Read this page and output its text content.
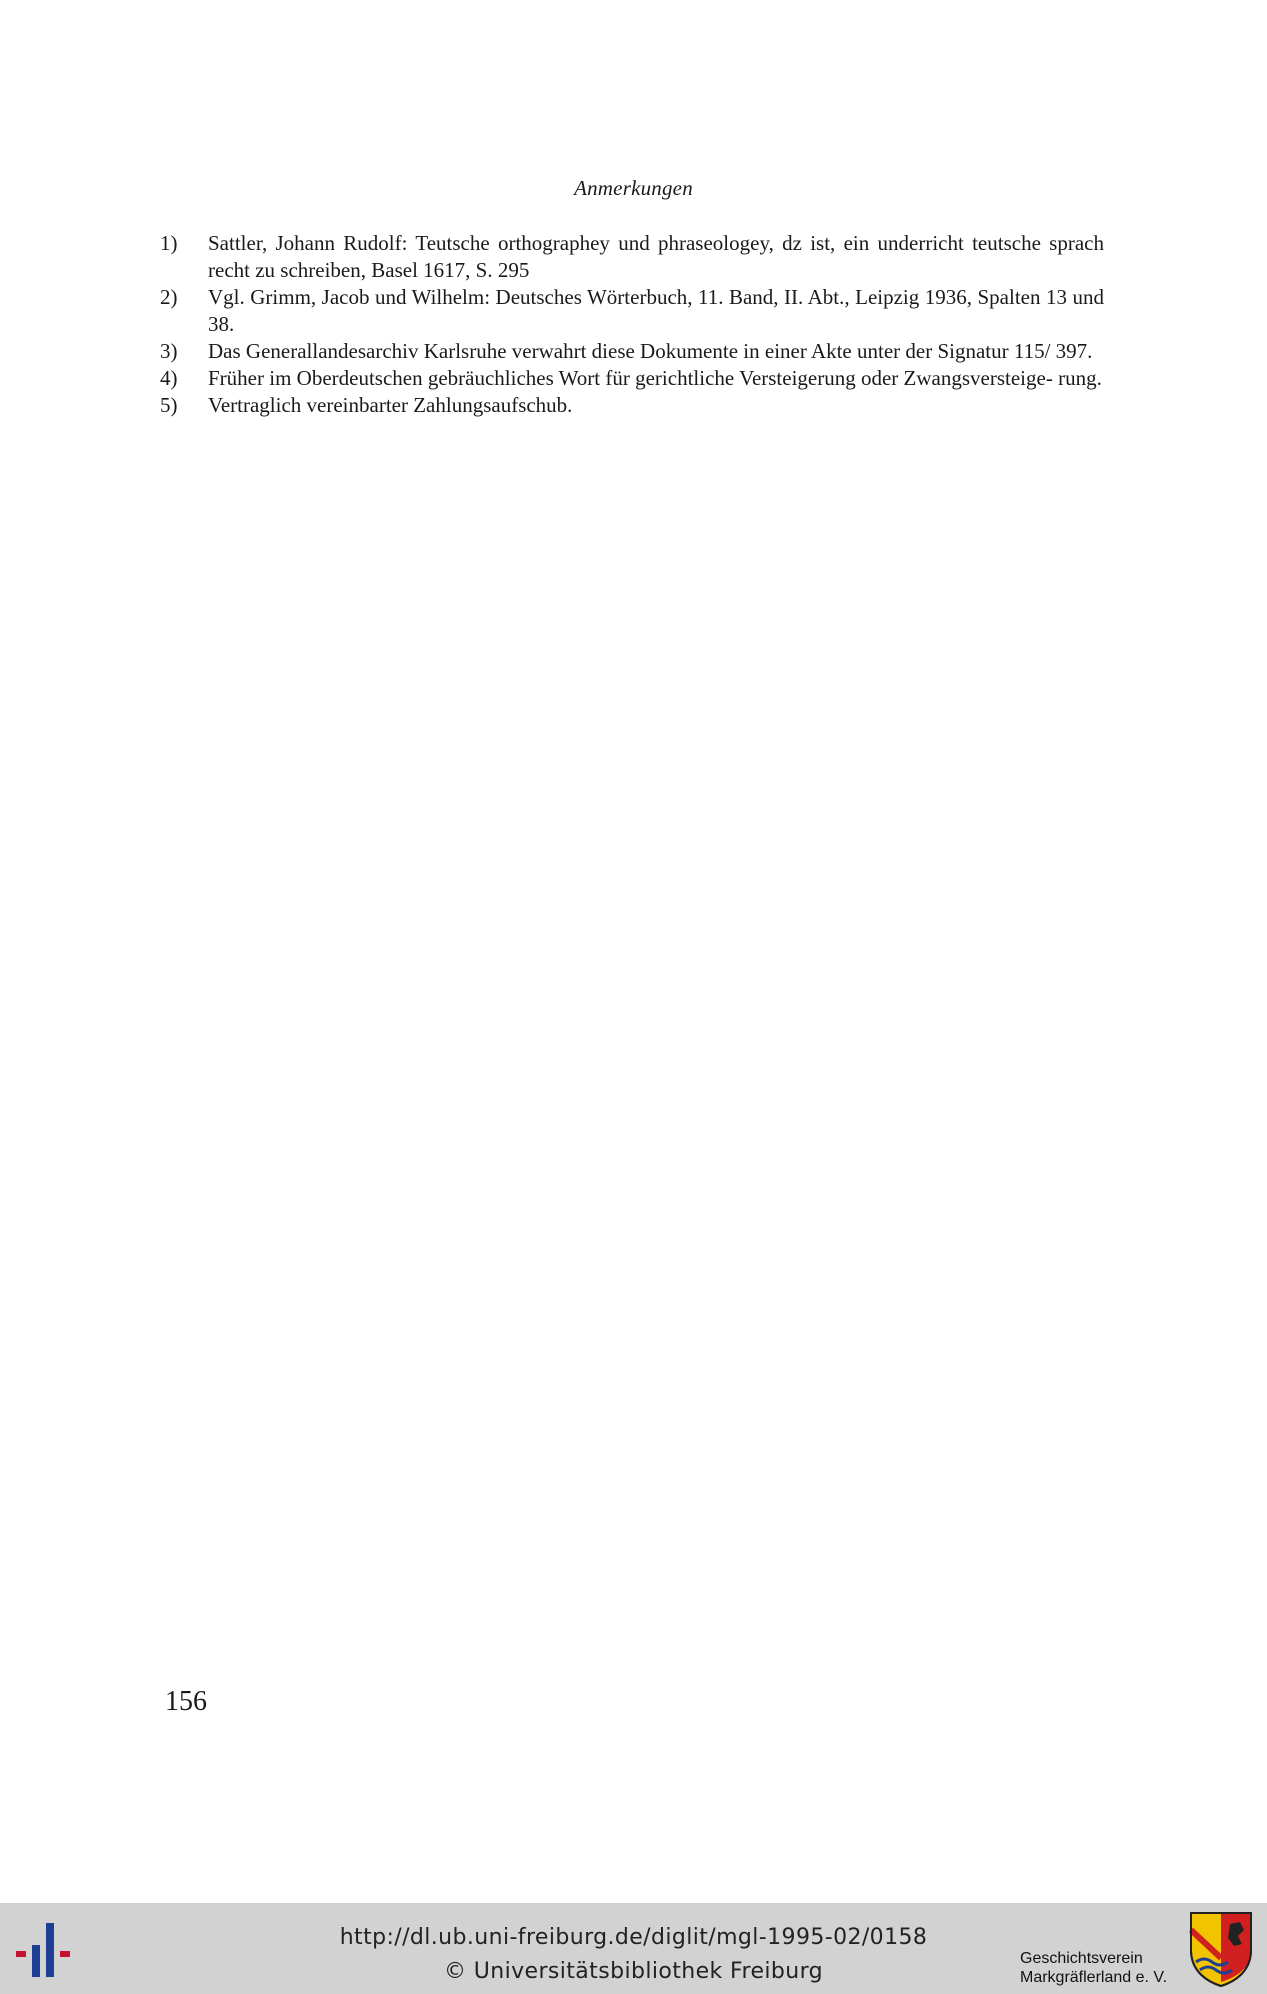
Anmerkungen
1)	Sattler, Johann Rudolf: Teutsche orthographey und phraseologey, dz ist, ein underricht teutsche sprach recht zu schreiben, Basel 1617, S. 295
2)	Vgl. Grimm, Jacob und Wilhelm: Deutsches Wörterbuch, 11. Band, II. Abt., Leipzig 1936, Spalten 13 und 38.
3)	Das Generallandesarchiv Karlsruhe verwahrt diese Dokumente in einer Akte unter der Signatur 115/ 397.
4)	Früher im Oberdeutschen gebräuchliches Wort für gerichtliche Versteigerung oder Zwangsversteige- rung.
5)	Vertraglich vereinbarter Zahlungsaufschub.
156
http://dl.ub.uni-freiburg.de/diglit/mgl-1995-02/0158
© Universitätsbibliothek Freiburg
Geschichtsverein
Markgräflerland e. V.
